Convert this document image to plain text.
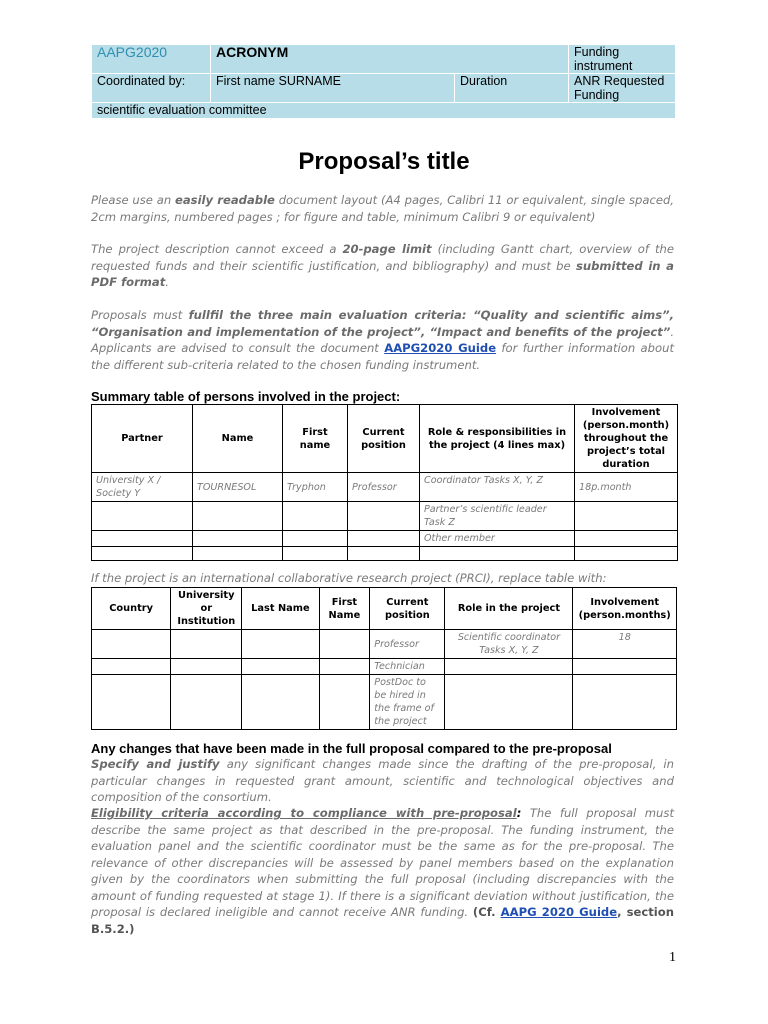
AAPG2020	ACRONYM		Funding instrument
Coordinated by:	First name SURNAME	Duration	ANR Requested Funding
scientific evaluation committee			
Proposal’s title

Please use an easily readable document layout (A4 pages, Calibri 11 or equivalent, single spaced, 2cm margins, numbered pages ; for figure and table, minimum Calibri 9 or equivalent)

The project description cannot exceed a 20-page limit (including Gantt chart, overview of the requested funds and their scientific justification, and bibliography) and must be submitted in a PDF format.

Proposals must fullfil the three main evaluation criteria: “Quality and scientific aims”, “Organisation and implementation of the project”, “Impact and benefits of the project”. Applicants are advised to consult the document AAPG2020 Guide for further information about the different sub-criteria related to the chosen funding instrument.

Summary table of persons involved in the project:
Partner	Name	First name	Current position	Role & responsibilities in the project (4 lines max)	Involvement (person.month) throughout the project’s total duration
University X / Society Y	TOURNESOL	Tryphon	Professor	Coordinator Tasks X, Y, Z	18p.month
				Partner’s scientific leader Task Z	
				Other member	

If the project is an international collaborative research project (PRCI), replace table with:

Country	University or Institution	Last Name	First Name	Current position	Role in the project	Involvement (person.months)
				Professor	Scientific coordinator Tasks X, Y, Z	18
				Technician		
				PostDoc to be hired in the frame of the project		
Any changes that have been made in the full proposal compared to the pre-proposal

Specify and justify any significant changes made since the drafting of the pre-proposal, in particular changes in requested grant amount, scientific and technological objectives and composition of the consortium.

Eligibility criteria according to compliance with pre-proposal: The full proposal must describe the same project as that described in the pre-proposal. The funding instrument, the evaluation panel and the scientific coordinator must be the same as for the pre-proposal. The relevance of other discrepancies will be assessed by panel members based on the explanation given by the coordinators when submitting the full proposal (including discrepancies with the amount of funding requested at stage 1). If there is a significant deviation without justification, the proposal is declared ineligible and cannot receive ANR funding. (Cf. AAPG 2020 Guide, section B.5.2.)

1
